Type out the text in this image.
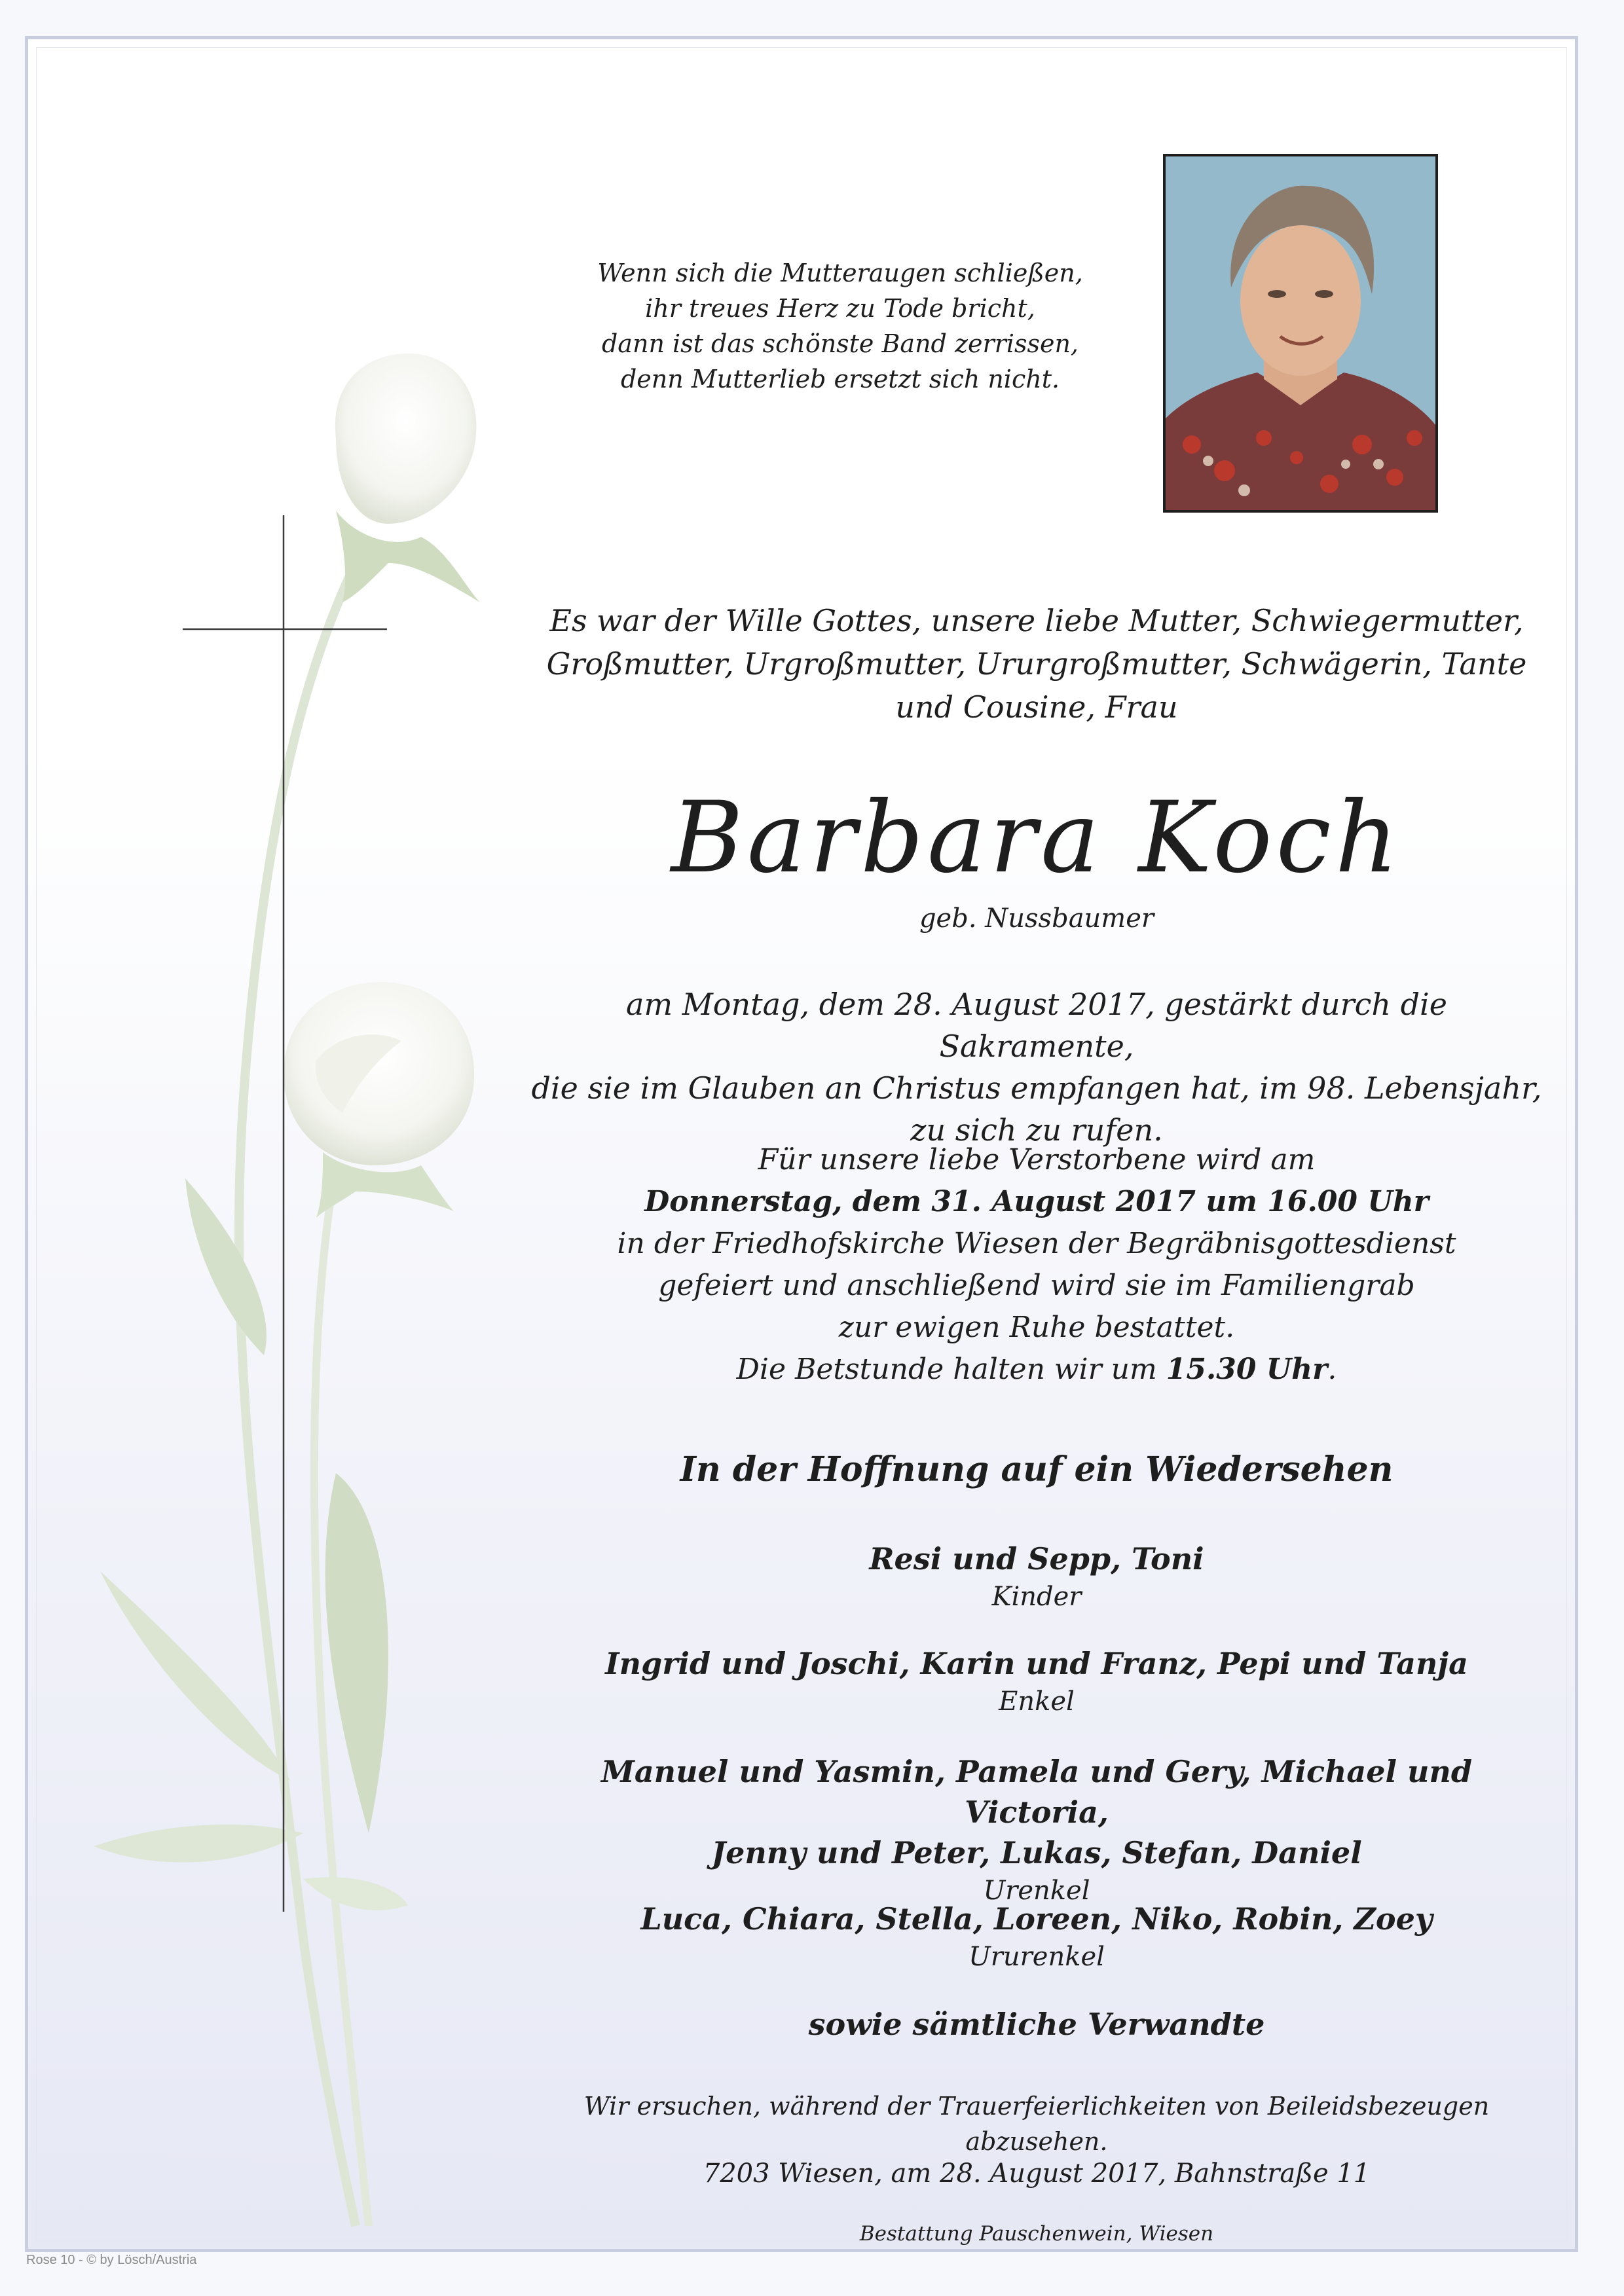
Wenn sich die Mutteraugen schließen,
ihr treues Herz zu Tode bricht,
dann ist das schönste Band zerrissen,
denn Mutterlieb ersetzt sich nicht.
Es war der Wille Gottes, unsere liebe Mutter, Schwiegermutter,
Großmutter, Urgroßmutter, Ururgroßmutter, Schwägerin, Tante
und Cousine, Frau
Barbara Koch
geb. Nussbaumer
am Montag, dem 28. August 2017, gestärkt durch die Sakramente,
die sie im Glauben an Christus empfangen hat, im 98. Lebensjahr,
zu sich zu rufen.
Für unsere liebe Verstorbene wird am
Donnerstag, dem 31. August 2017 um 16.00 Uhr
in der Friedhofskirche Wiesen der Begräbnisgottesdienst
gefeiert und anschließend wird sie im Familiengrab
zur ewigen Ruhe bestattet.
Die Betstunde halten wir um 15.30 Uhr.
In der Hoffnung auf ein Wiedersehen
Resi und Sepp, Toni
Kinder
Ingrid und Joschi, Karin und Franz, Pepi und Tanja
Enkel
Manuel und Yasmin, Pamela und Gery, Michael und Victoria,
Jenny und Peter, Lukas, Stefan, Daniel
Urenkel
Luca, Chiara, Stella, Loreen, Niko, Robin, Zoey
Ururenkel
sowie sämtliche Verwandte
Wir ersuchen, während der Trauerfeierlichkeiten von Beileidsbezeugen abzusehen.
7203 Wiesen, am 28. August 2017, Bahnstraße 11
Bestattung Pauschenwein, Wiesen
Rose 10 - © by Lösch/Austria
